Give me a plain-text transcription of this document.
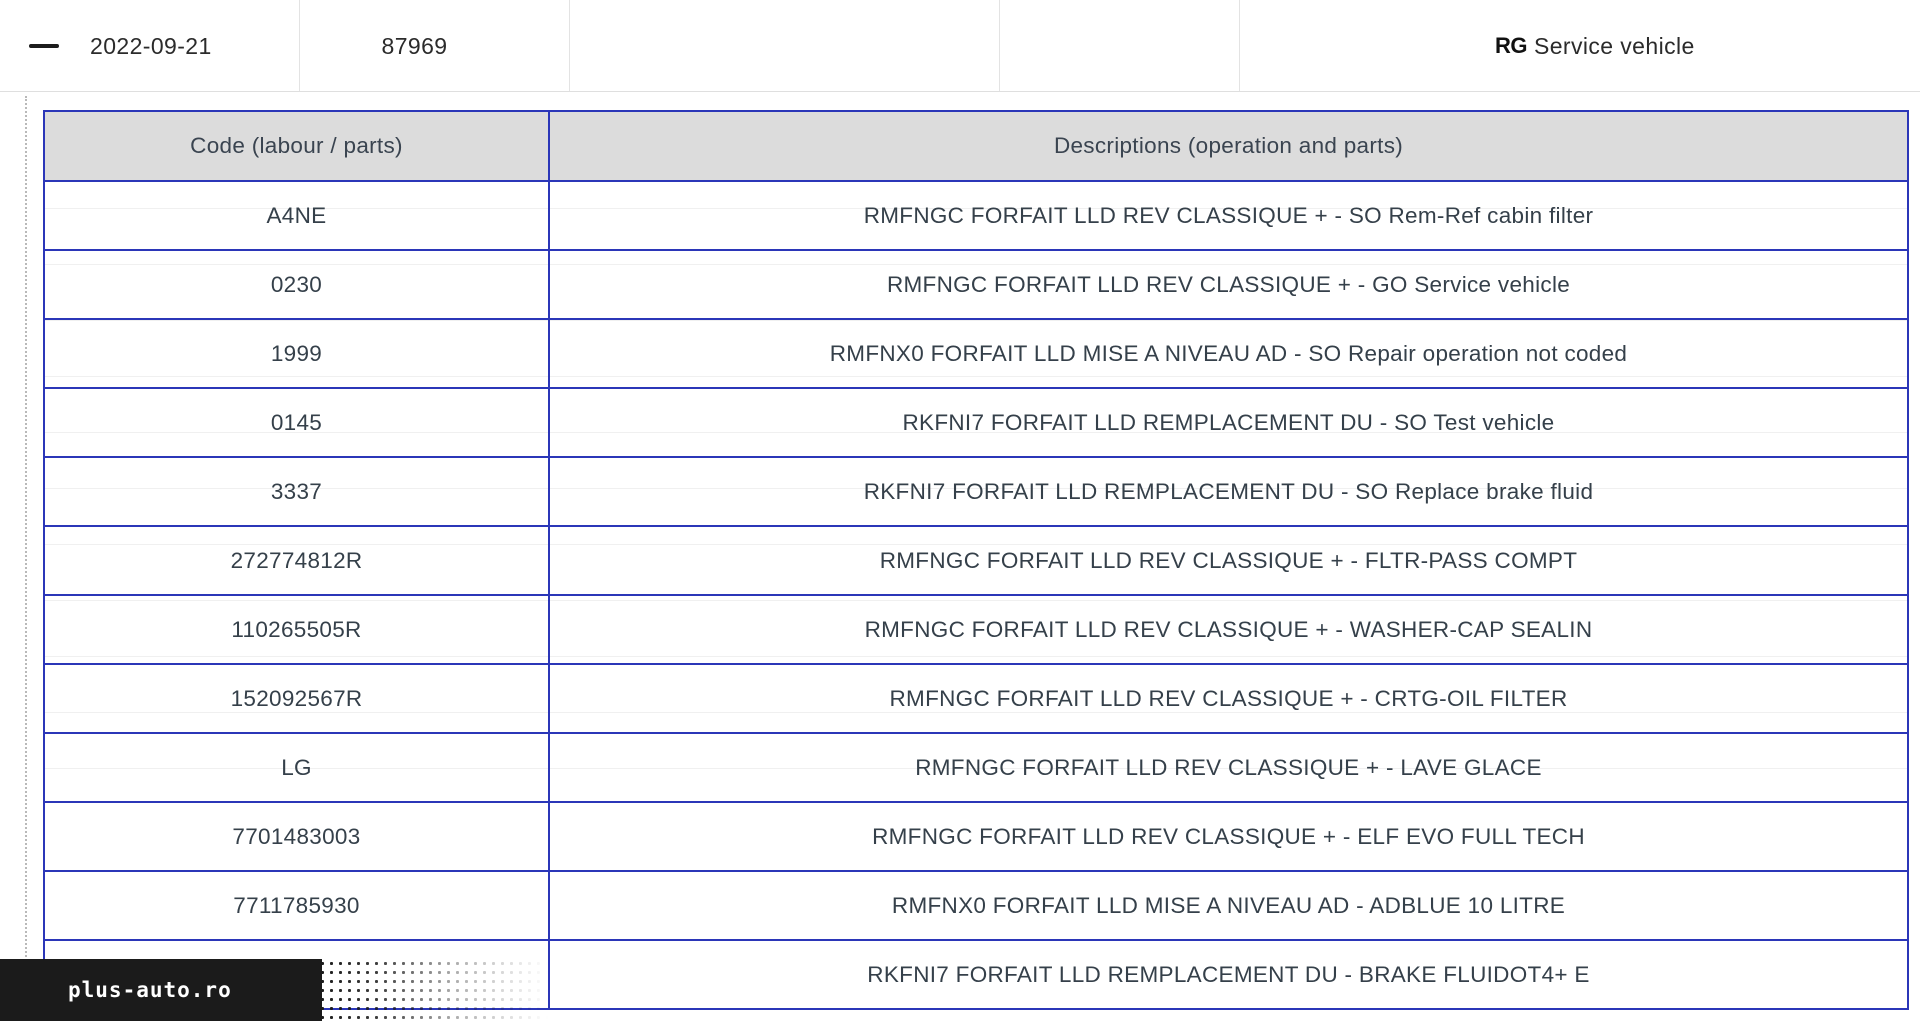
2022-09-21	87969	RG Service vehicle
Code (labour / parts)	Descriptions (operation and parts)
A4NE	RMFNGC FORFAIT LLD REV CLASSIQUE + - SO Rem-Ref cabin filter
0230	RMFNGC FORFAIT LLD REV CLASSIQUE + - GO Service vehicle
1999	RMFNX0 FORFAIT LLD MISE A NIVEAU AD - SO Repair operation not coded
0145	RKFNI7 FORFAIT LLD REMPLACEMENT DU - SO Test vehicle
3337	RKFNI7 FORFAIT LLD REMPLACEMENT DU - SO Replace brake fluid
272774812R	RMFNGC FORFAIT LLD REV CLASSIQUE + - FLTR-PASS COMPT
110265505R	RMFNGC FORFAIT LLD REV CLASSIQUE + - WASHER-CAP SEALIN
152092567R	RMFNGC FORFAIT LLD REV CLASSIQUE + - CRTG-OIL FILTER
LG	RMFNGC FORFAIT LLD REV CLASSIQUE + - LAVE GLACE
7701483003	RMFNGC FORFAIT LLD REV CLASSIQUE + - ELF EVO FULL TECH
7711785930	RMFNX0 FORFAIT LLD MISE A NIVEAU AD - ADBLUE 10 LITRE
	RKFNI7 FORFAIT LLD REMPLACEMENT DU - BRAKE FLUIDOT4+ E
plus-auto.ro
